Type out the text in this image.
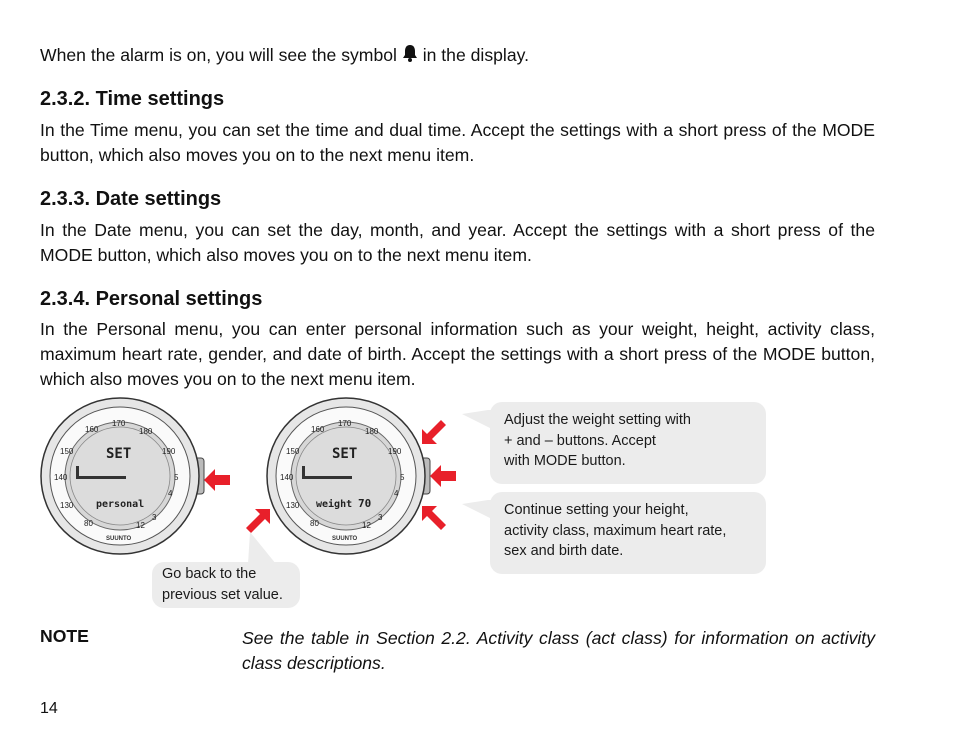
When the alarm is on, you will see the symbol in the display.
2.3.2. Time settings
In the Time menu, you can set the time and dual time. Accept the settings with a short press of the MODE button, which also moves you on to the next menu item.
2.3.3. Date settings
In the Date menu, you can set the day, month, and year. Accept the settings with a short press of the MODE button, which also moves you on to the next menu item.
2.3.4. Personal settings
In the Personal menu, you can enter personal information such as your weight, height, activity class, maximum heart rate, gender, and date of birth. Accept the settings with a short press of the MODE button, which also moves you on to the next menu item.
160
170
180
150
140
130
190
5
4
80	12
3
SET
personal
SUUNTO
160
170
180
150
140
130
190
5
4
80	12
3
SET
weight 70
SUUNTO
Adjust the weight setting with
+ and – buttons. Accept
with MODE button.
Continue setting your height,
activity class, maximum heart rate,
sex and birth date.
Go back to the
previous set value.
NOTE	See the table in Section 2.2. Activity class (act class) for information on activity class descriptions.
14
